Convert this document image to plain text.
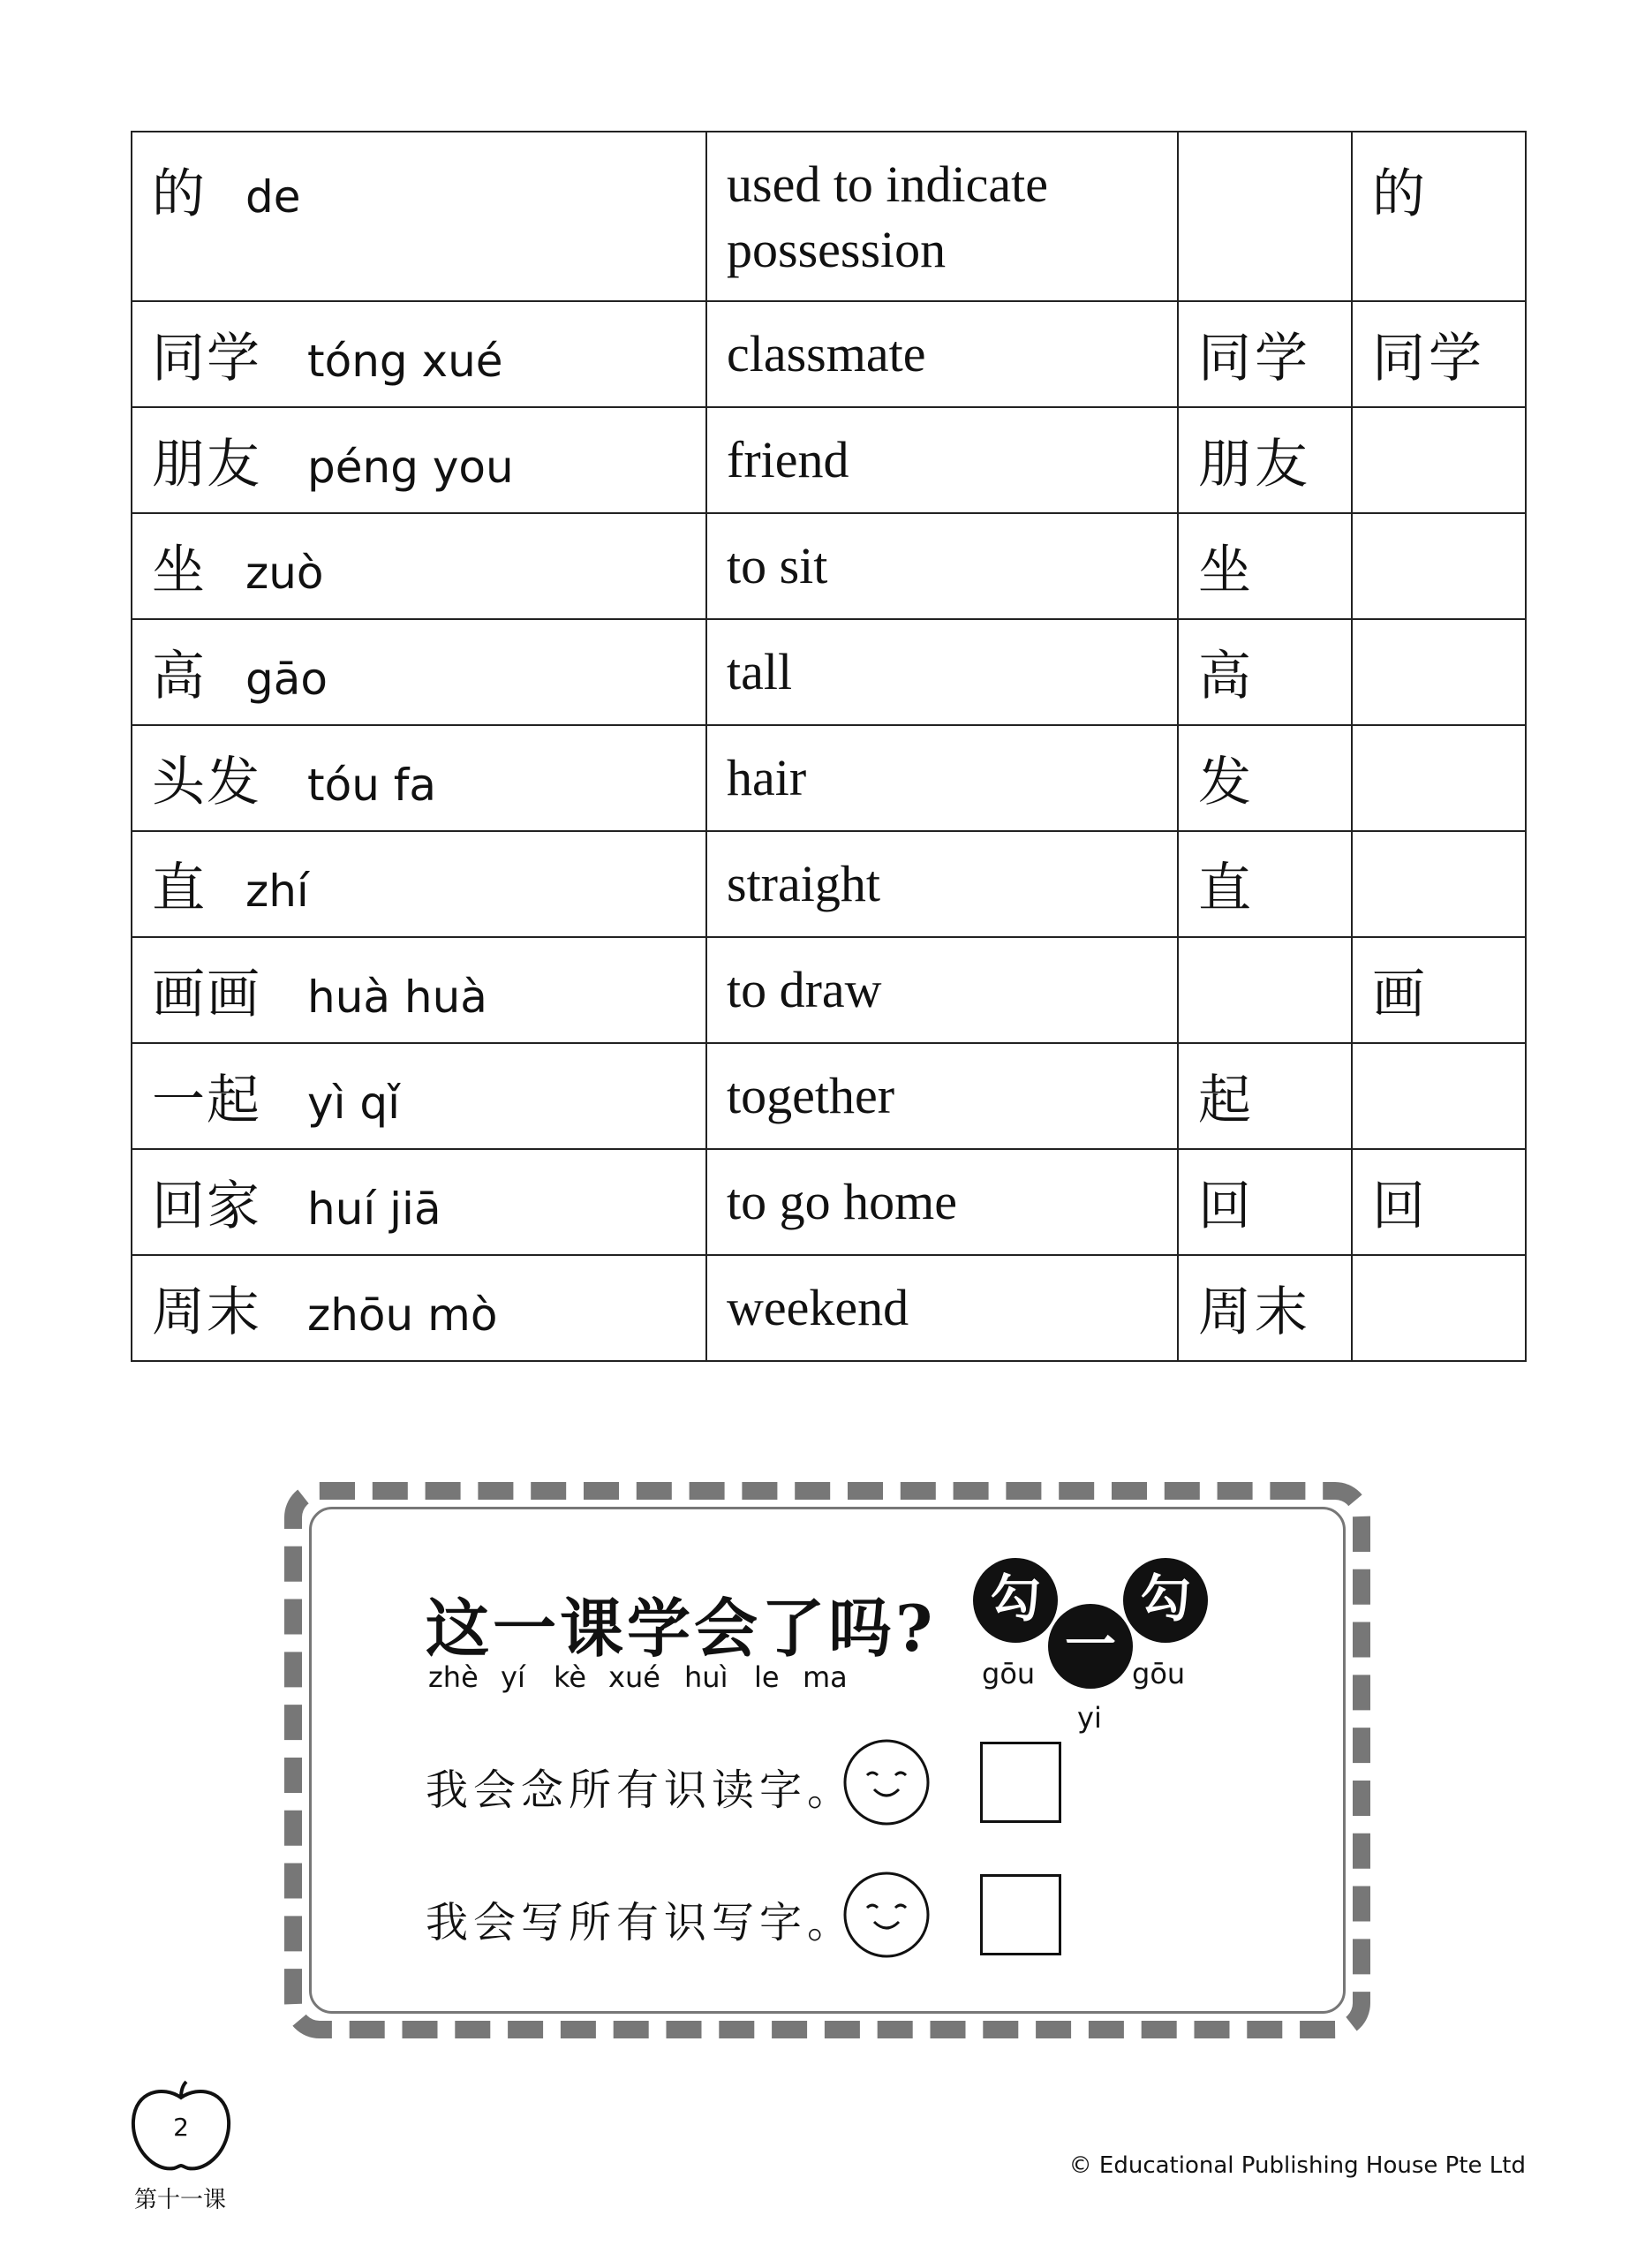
的 de	used to indicate possession		的
同学 tóng xué	classmate	同学	同学
朋友 péng you	friend	朋友	
坐 zuò	to sit	坐	
高 gāo	tall	高	
头发 tóu fa	hair	发	
直 zhí	straight	直	
画画 huà huà	to draw		画
一起 yì qǐ	together	起	
回家 huí jiā	to go home	回	回
周末 zhōu mò	weekend	周末	
这一课学会了吗?
zhè yí kè xué huì le ma
勾
一
勾
gōu
yi
gōu
我会念所有识读字。
我会写所有识写字。
2
第十一课
© Educational Publishing House Pte Ltd
